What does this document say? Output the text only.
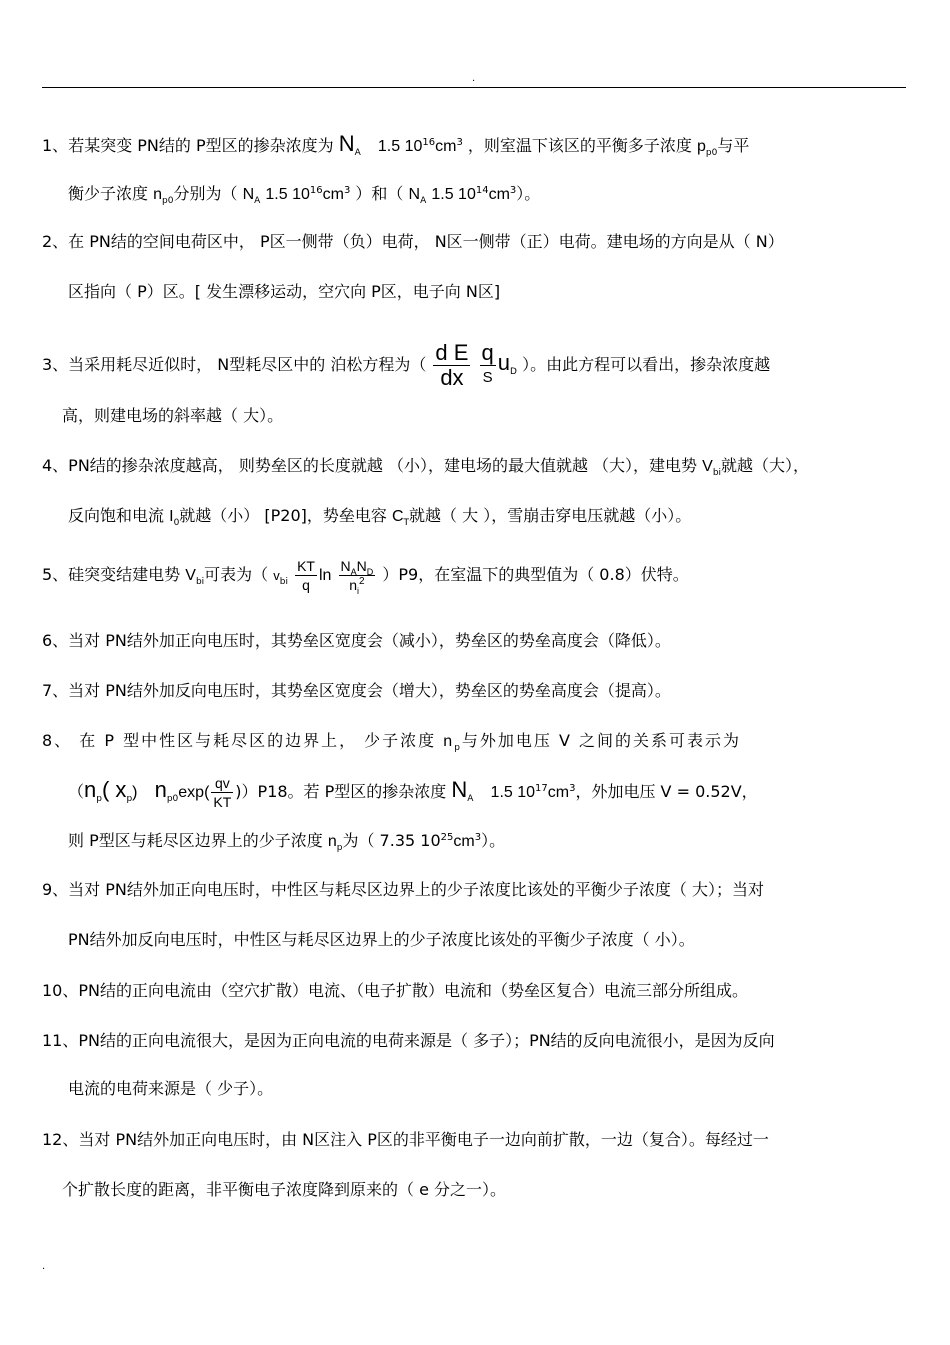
.
1、若某突变 PN结的 P型区的掺杂浓度为 $N_A$ 1.5 $10^{16}cm^3$ ，则室温下该区的平衡多子浓度 $p_{p0}$与平
衡少子浓度 $n_{p0}$分别为（ $N_A$ 1.5 $10^{16}cm^3$ ）和（ $N_A$ 1.5 $10^{14}cm^3$）。
2、在 PN结的空间电荷区中， P区一侧带（负）电荷， N区一侧带（正）电荷。建电场的方向是从（ N）
区指向（ P）区。[ 发生漂移运动，空穴向 P区，电子向 N区]
3、当采用耗尽近似时， N型耗尽区中的 泊松方程为（ $\frac{\text{d E}}{dx}$
$\frac{q}{S} u_D$ ）。由此方程可以看出，掺杂浓度越
高，则建电场的斜率越（ 大）。
4、PN结的掺杂浓度越高， 则势垒区的长度就越 （小），建电场的最大值就越 （大），建电势 $V_{bi}$就越（大），
反向饱和电流 $I_0$就越（小） [P20]，势垒电容 $C_T$就越（ 大 ），雪崩击穿电压就越（小）。
5、硅突变结建电势 $V_{bi}$可表为（ $v_{bi} \frac{KT}{q}$ $\ln \frac{N_AN_D}{n_i^2} )P9$，在室温下的典型值为（ 0.8）伏特。
6、当对 PN结外加正向电压时，其势垒区宽度会（减小），势垒区的势垒高度会（降低）。
7、当对 PN结外加反向电压时，其势垒区宽度会（增大），势垒区的势垒高度会（提高）。
8、 在 P 型中性区与耗尽区的边界上， 少子浓度 $n_p$与外加电压 V 之间的关系可表示为
（$n_p$( $x_p$) $n_{p0}\exp( \frac{qv}{KT} ))P18$。若 P型区的掺杂浓度 $N_A$ 1.5 $10^{17}cm^3$，外加电压 V = 0.52V，
则 P型区与耗尽区边界上的少子浓度 $n_p$为（ 7.35 $10^{25}cm^3$）。
9、当对 PN结外加正向电压时，中性区与耗尽区边界上的少子浓度比该处的平衡少子浓度（ 大）；当对
PN结外加反向电压时，中性区与耗尽区边界上的少子浓度比该处的平衡少子浓度（ 小）。
10、PN结的正向电流由（空穴扩散）电流、（电子扩散）电流和（势垒区复合）电流三部分所组成。
11、PN结的正向电流很大，是因为正向电流的电荷来源是（ 多子）；PN结的反向电流很小，是因为反向
电流的电荷来源是（ 少子）。
12、当对 PN结外加正向电压时，由 N区注入 P区的非平衡电子一边向前扩散，一边（复合）。每经过一
个扩散长度的距离，非平衡电子浓度降到原来的（ e 分之一）。
.
